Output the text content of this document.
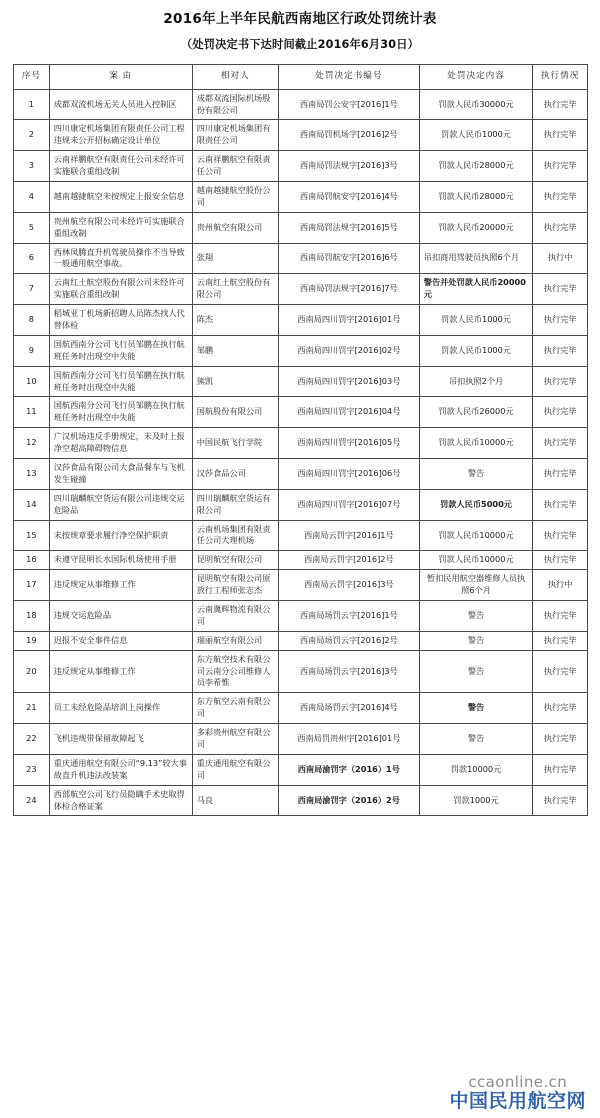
2016年上半年民航西南地区行政处罚统计表
（处罚决定书下达时间截止2016年6月30日）
序号	案 由	相对人	处罚决定书编号	处罚决定内容	执行情况
1	成都双流机场无关人员进入控制区	成都双流国际机场股份有限公司	西南局罚公安字[2016]1号	罚款人民币30000元	执行完毕
2	四川康定机场集团有限责任公司工程违规未公开招标确定设计单位	四川康定机场集团有限责任公司	西南局罚机场字[2016]2号	罚款人民币1000元	执行完毕
3	云南祥鹏航空有限责任公司未经许可实施联合重组改制	云南祥鹏航空有限责任公司	西南局罚法规字[2016]3号	罚款人民币28000元	执行完毕
4	越南越捷航空未按规定上报安全信息	越南越捷航空股份公司	西南局罚航安字[2016]4号	罚款人民币28000元	执行完毕
5	贵州航空有限公司未经许可实施联合重组改制	贵州航空有限公司	西南局罚法规字[2016]5号	罚款人民币20000元	执行完毕
6	西林凤腾直升机驾驶员操作不当导致一般通用航空事故。	张翔	西南局罚航安字[2016]6号	吊扣商用驾驶员执照6个月	执行中
7	云南红土航空股份有限公司未经许可实施联合重组改制	云南红土航空股份有限公司	西南局罚法规字[2016]7号	警告并处罚款人民币20000元	执行完毕
8	稻城亚丁机场新招聘人员陈杰找人代替体检	陈杰	西南局四川罚字[2016]01号	罚款人民币1000元	执行完毕
9	国航西南分公司飞行员邹鹏在执行航班任务时出现空中失能	邹鹏	西南局四川罚字[2016]02号	罚款人民币1000元	执行完毕
10	国航西南分公司飞行员邹鹏在执行航班任务时出现空中失能	熊凯	西南局四川罚字[2016]03号	吊扣执照2个月	执行完毕
11	国航西南分公司飞行员邹鹏在执行航班任务时出现空中失能	国航股份有限公司	西南局四川罚字[2016]04号	罚款人民币26000元	执行完毕
12	广汉机场违反手册规定，未及时上报净空超高障碍物信息	中国民航飞行学院	西南局四川罚字[2016]05号	罚款人民币10000元	执行完毕
13	汉莎食品有限公司大食品餐车与飞机发生碰撞	汉莎食品公司	西南局四川罚字[2016]06号	警告	执行完毕
14	四川瑞麟航空货运有限公司违规交运危险品	四川瑞麟航空货运有限公司	西南局四川罚字[2016]07号	罚款人民币5000元	执行完毕
15	未按规章要求履行净空保护职责	云南机场集团有限责任公司大理机场	西南局云罚字[2016]1号	罚款人民币10000元	执行完毕
16	未遵守昆明长水国际机场使用手册	昆明航空有限公司	西南局云罚字[2016]2号	罚款人民币10000元	执行完毕
17	违反规定从事维修工作	昆明航空有限公司原放行工程师张志杰	西南局云罚字[2016]3号	暂扣民用航空器维修人员执照6个月	执行中
18	违规交运危险品	云南冀辉物流有限公司	西南局场罚云字[2016]1号	警告	执行完毕
19	迟报不安全事件信息	瑞丽航空有限公司	西南局场罚云字[2016]2号	警告	执行完毕
20	违反规定从事维修工作	东方航空技术有限公司云南分公司维修人员李希惟	西南局场罚云字[2016]3号	警告	执行完毕
21	员工未经危险品培训上岗操作	东方航空云南有限公司	西南局场罚云字[2016]4号	警告	执行完毕
22	飞机违规带保留故障起飞	多彩贵州航空有限公司	西南局罚贵州字[2016]01号	警告	执行完毕
23	重庆通用航空有限公司“9.13”较大事故直升机违法改装案	重庆通用航空有限公司	西南局渝罚字（2016）1号	罚款10000元	执行完毕
24	西部航空公司飞行员隐瞒手术史取得体检合格证案	马良	西南局渝罚字（2016）2号	罚款1000元	执行完毕
ccaonline.cn
中国民用航空网
